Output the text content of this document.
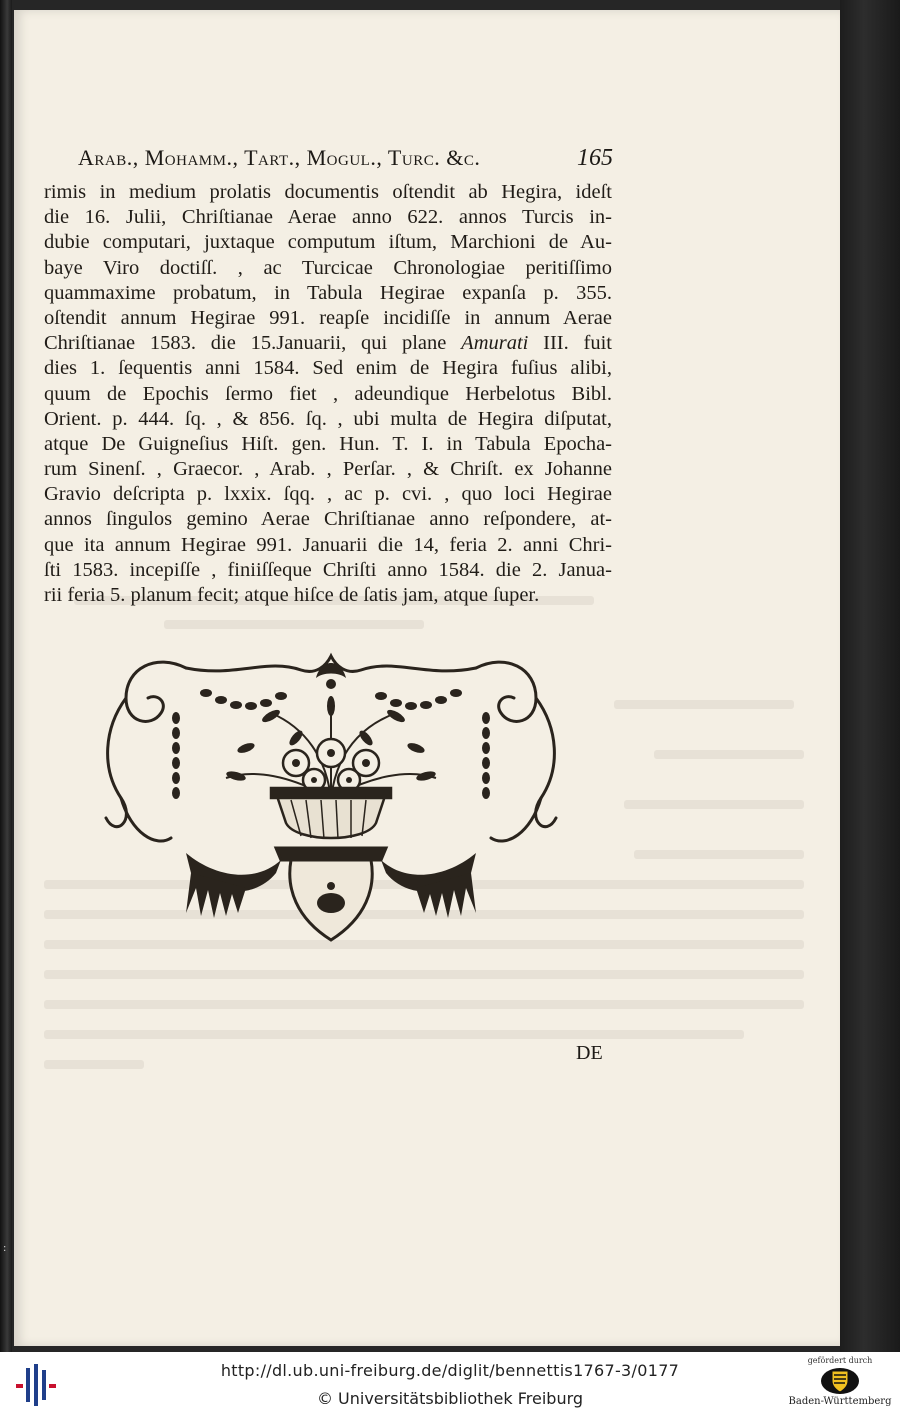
:
Arab., Mohamm., Tart., Mogul., Turc. &c.	165
rimis in medium prolatis documentis oſtendit ab Hegira, ideſt
die 16. Julii, Chriſtianae Aerae anno 622. annos Turcis in-
dubie computari, juxtaque computum iſtum, Marchioni de Au-
baye Viro doctiſſ. , ac Turcicae Chronologiae peritiſſimo
quammaxime probatum, in Tabula Hegirae expanſa p. 355.
oſtendit annum Hegirae 991. reapſe incidiſſe in annum Aerae
Chriſtianae 1583. die 15.Januarii, qui plane Amurati III. fuit
dies 1. ſequentis anni 1584. Sed enim de Hegira fuſius alibi,
quum de Epochis ſermo fiet , adeundique Herbelotus Bibl.
Orient. p. 444. ſq. , & 856. ſq. , ubi multa de Hegira diſputat,
atque De Guigneſius Hiſt. gen. Hun. T. I. in Tabula Epocha-
rum Sinenſ. , Graecor. , Arab. , Perſar. , & Chriſt. ex Johanne
Gravio deſcripta p. lxxix. ſqq. , ac p. cvi. , quo loci Hegirae
annos ſingulos gemino Aerae Chriſtianae anno reſpondere, at-
que ita annum Hegirae 991. Januarii die 14, feria 2. anni Chri-
ſti 1583. incepiſſe , finiiſſeque Chriſti anno 1584. die 2. Janua-
rii feria 5. planum fecit; atque hiſce de ſatis jam, atque ſuper.
DE
http://dl.ub.uni-freiburg.de/diglit/bennettis1767-3/0177
© Universitätsbibliothek Freiburg
gefördert durch
Baden-Württemberg
